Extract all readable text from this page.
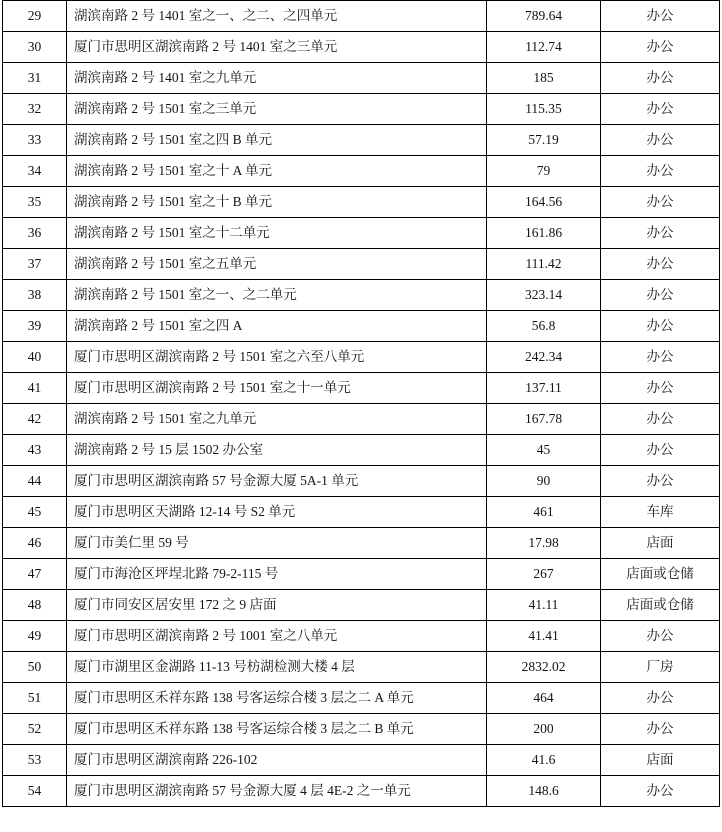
29	湖滨南路 2 号 1401 室之一、之二、之四单元	789.64	办公
30	厦门市思明区湖滨南路 2 号 1401 室之三单元	112.74	办公
31	湖滨南路 2 号 1401 室之九单元	185	办公
32	湖滨南路 2 号 1501 室之三单元	115.35	办公
33	湖滨南路 2 号 1501 室之四 B 单元	57.19	办公
34	湖滨南路 2 号 1501 室之十 A 单元	79	办公
35	湖滨南路 2 号 1501 室之十 B 单元	164.56	办公
36	湖滨南路 2 号 1501 室之十二单元	161.86	办公
37	湖滨南路 2 号 1501 室之五单元	111.42	办公
38	湖滨南路 2 号 1501 室之一、之二单元	323.14	办公
39	湖滨南路 2 号 1501 室之四 A	56.8	办公
40	厦门市思明区湖滨南路 2 号 1501 室之六至八单元	242.34	办公
41	厦门市思明区湖滨南路 2 号 1501 室之十一单元	137.11	办公
42	湖滨南路 2 号 1501 室之九单元	167.78	办公
43	湖滨南路 2 号 15 层 1502 办公室	45	办公
44	厦门市思明区湖滨南路 57 号金源大厦 5A-1 单元	90	办公
45	厦门市思明区天湖路 12-14 号 S2 单元	461	车库
46	厦门市美仁里 59 号	17.98	店面
47	厦门市海沧区坪埕北路 79-2-115 号	267	店面或仓储
48	厦门市同安区居安里 172 之 9 店面	41.11	店面或仓储
49	厦门市思明区湖滨南路 2 号 1001 室之八单元	41.41	办公
50	厦门市湖里区金湖路 11-13 号枋湖检测大楼 4 层	2832.02	厂房
51	厦门市思明区禾祥东路 138 号客运综合楼 3 层之二 A 单元	464	办公
52	厦门市思明区禾祥东路 138 号客运综合楼 3 层之二 B 单元	200	办公
53	厦门市思明区湖滨南路 226-102	41.6	店面
54	厦门市思明区湖滨南路 57 号金源大厦 4 层 4E-2 之一单元	148.6	办公
